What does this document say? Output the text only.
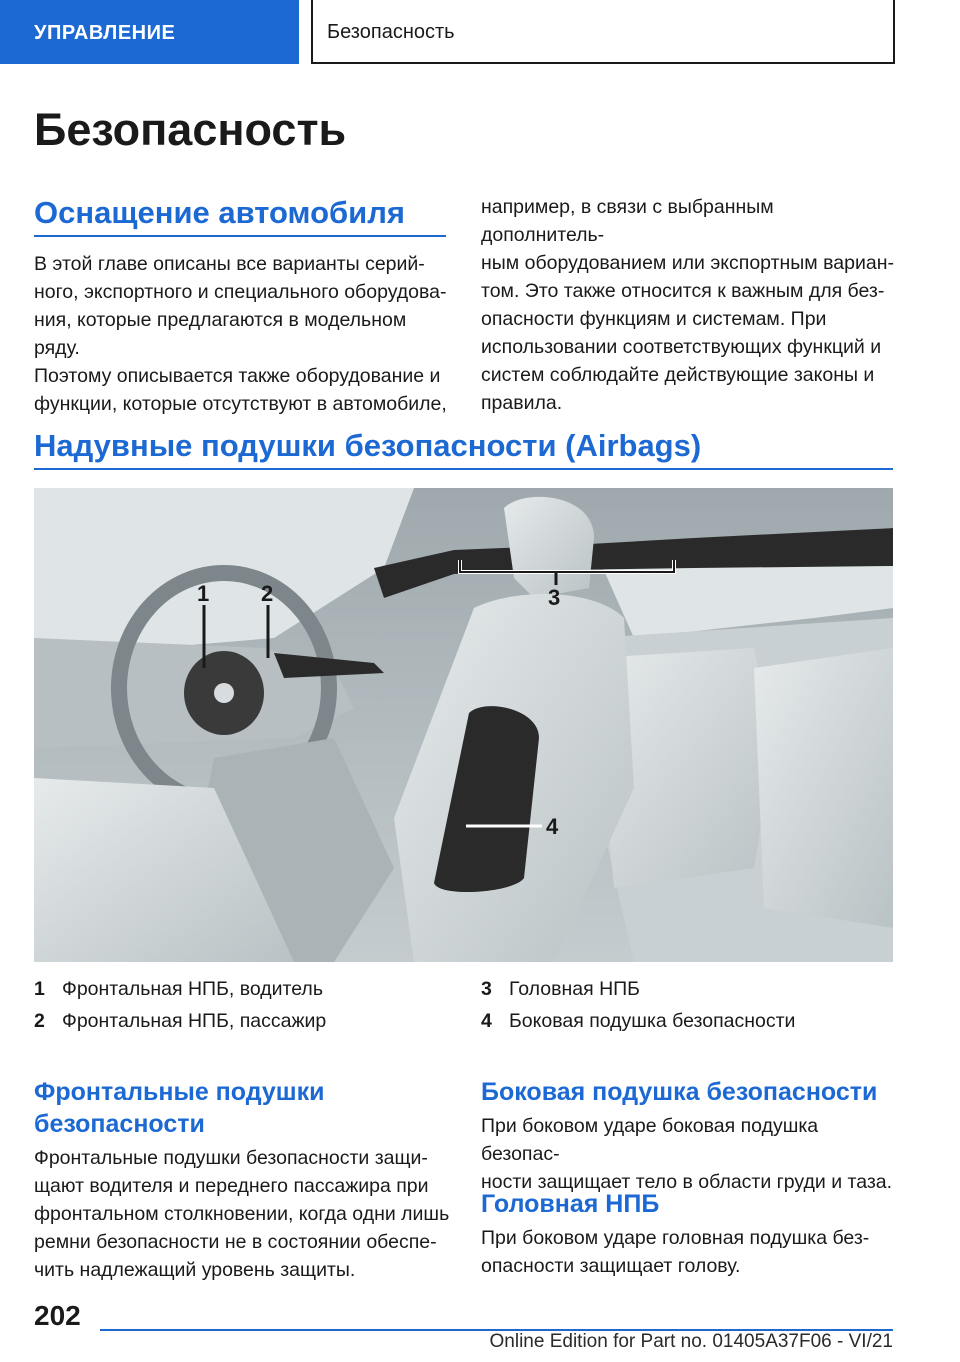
УПРАВЛЕНИЕ	Безопасность
Безопасность
Оснащение автомобиля
В этой главе описаны все варианты серий-
ного, экспортного и специального оборудова-
ния, которые предлагаются в модельном ряду.
Поэтому описывается также оборудование и
функции, которые отсутствуют в автомобиле,
например, в связи с выбранным дополнитель-
ным оборудованием или экспортным вариан-
том. Это также относится к важным для без-
опасности функциям и системам. При
использовании соответствующих функций и
систем соблюдайте действующие законы и
правила.
Надувные подушки безопасности (Airbags)
1 2	3
4
1 Фронтальная НПБ, водитель
2 Фронтальная НПБ, пассажир
3 Головная НПБ
4 Боковая подушка безопасности
Фронтальные подушки
безопасности
Фронтальные подушки безопасности защи-
щают водителя и переднего пассажира при
фронтальном столкновении, когда одни лишь
ремни безопасности не в состоянии обеспе-
чить надлежащий уровень защиты.
Боковая подушка безопасности
При боковом ударе боковая подушка безопас-
ности защищает тело в области груди и таза.
Головная НПБ
При боковом ударе головная подушка без-
опасности защищает голову.
202
Online Edition for Part no. 01405A37F06 - VI/21
